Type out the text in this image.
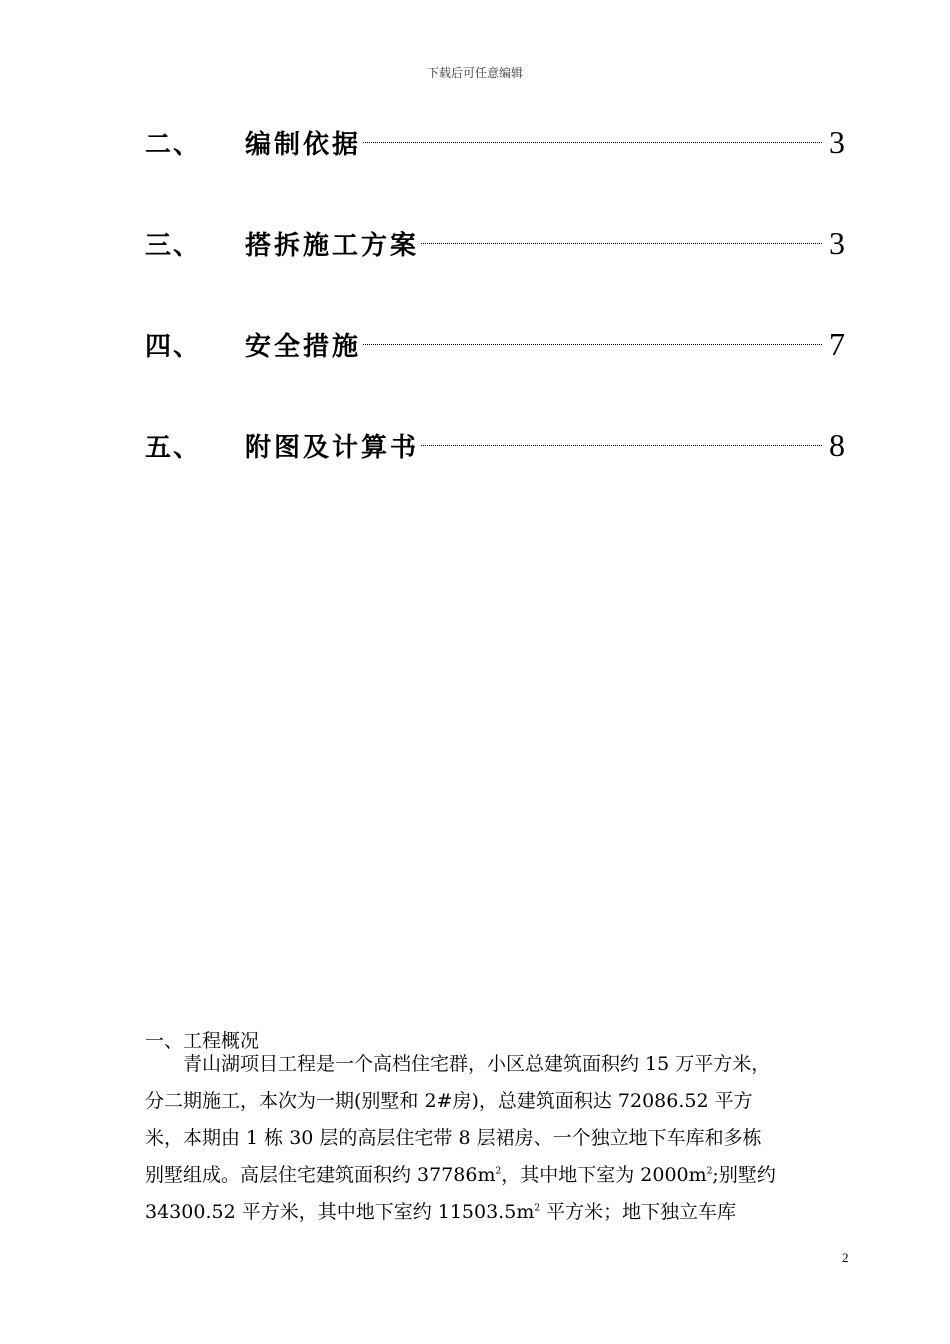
下载后可任意编辑
二、	编制依据	3
三、	搭拆施工方案	3
四、	安全措施	7
五、	附图及计算书	8
一、工程概况
青山湖项目工程是一个高档住宅群，小区总建筑面积约 15 万平方米，
分二期施工，本次为一期(别墅和 2#房)，总建筑面积达 72086.52 平方
米，本期由 1 栋 30 层的高层住宅带 8 层裙房、一个独立地下车库和多栋
别墅组成。高层住宅建筑面积约 $37786m^2$，其中地下室为 $2000m^2$;别墅约
34300.52 平方米，其中地下室约 $11503.5m^2$ 平方米；地下独立车库
2
